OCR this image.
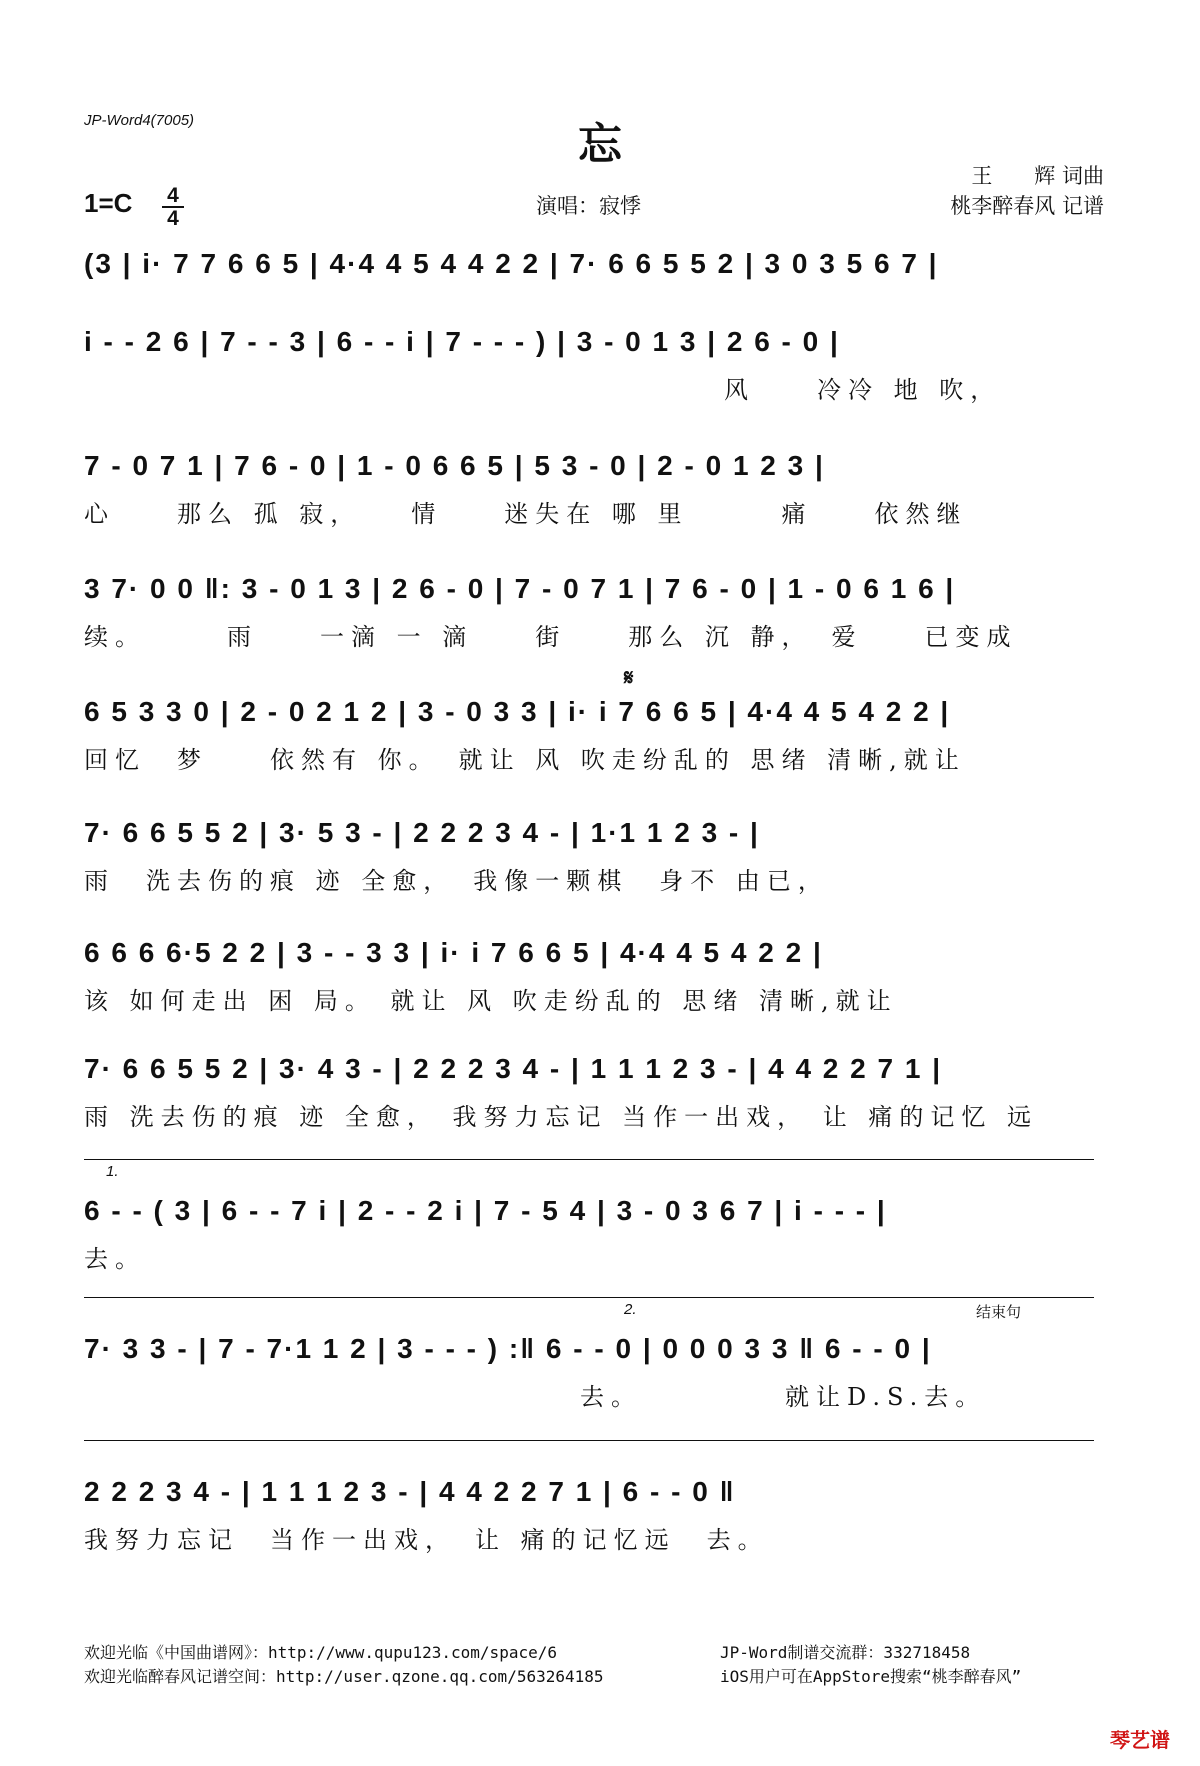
JP-Word4(7005)	忘
1=C 4
4
演唱：寂悸
王　　辉 词曲
桃李醉春风 记谱
(3 | i· 7 7 6 6 5 | 4·4 4 5 4 4 2 2 | 7· 6 6 5 5 2 | 3 0 3 5 6 7 |
i - - 2 6 | 7 - - 3 | 6 - - i | 7 - - - ) | 3 - 0 1 3 | 2 6 - 0 |
风　　冷冷 地 吹，
7 - 0 7 1 | 7 6 - 0 | 1 - 0 6 6 5 | 5 3 - 0 | 2 - 0 1 2 3 |
心　　那么 孤 寂，　　情　　迷失在 哪 里　　　痛　　依然继
3 7· 0 0 ‖: 3 - 0 1 3 | 2 6 - 0 | 7 - 0 7 1 | 7 6 - 0 | 1 - 0 6 1 6 |
续。　　　雨　　一滴 一 滴　　街　　那么 沉 静，　爱　　已变成
𝄋
6 5 3 3 0 | 2 - 0 2 1 2 | 3 - 0 3 3 | i· i 7 6 6 5 | 4·4 4 5 4 2 2 |
回忆　梦　　依然有 你。　就让 风 吹走纷乱的 思绪 清晰,就让
7· 6 6 5 5 2 | 3· 5 3 - | 2 2 2 3 4 - | 1·1 1 2 3 - |
雨　洗去伤的痕 迹 全愈，　我像一颗棋　身不 由已，
6 6 6 6·5 2 2 | 3 - - 3 3 | i· i 7 6 6 5 | 4·4 4 5 4 2 2 |
该 如何走出 困 局。 就让 风 吹走纷乱的 思绪 清晰,就让
7· 6 6 5 5 2 | 3· 4 3 - | 2 2 2 3 4 - | 1 1 1 2 3 - | 4 4 2 2 7 1 |
雨 洗去伤的痕 迹 全愈， 我努力忘记 当作一出戏， 让 痛的记忆 远
1.
6 - - ( 3 | 6 - - 7 i | 2 - - 2 i | 7 - 5 4 | 3 - 0 3 6 7 | i - - - |
去。
2.	结束句
7· 3 3 - | 7 - 7·1 1 2 | 3 - - - ) :‖ 6 - - 0 | 0 0 0 3 3 ‖ 6 - - 0 |
　　　　　　　　　　　　　　　　去。　　　　　就让D.S.去。
2 2 2 3 4 - | 1 1 1 2 3 - | 4 4 2 2 7 1 | 6 - - 0 ‖
我努力忘记　当作一出戏，　让 痛的记忆远　去。
欢迎光临《中国曲谱网》：http://www.qupu123.com/space/6
欢迎光临醉春风记谱空间：http://user.qzone.qq.com/563264185
JP-Word制谱交流群：332718458
iOS用户可在AppStore搜索“桃李醉春风”
琴艺谱
